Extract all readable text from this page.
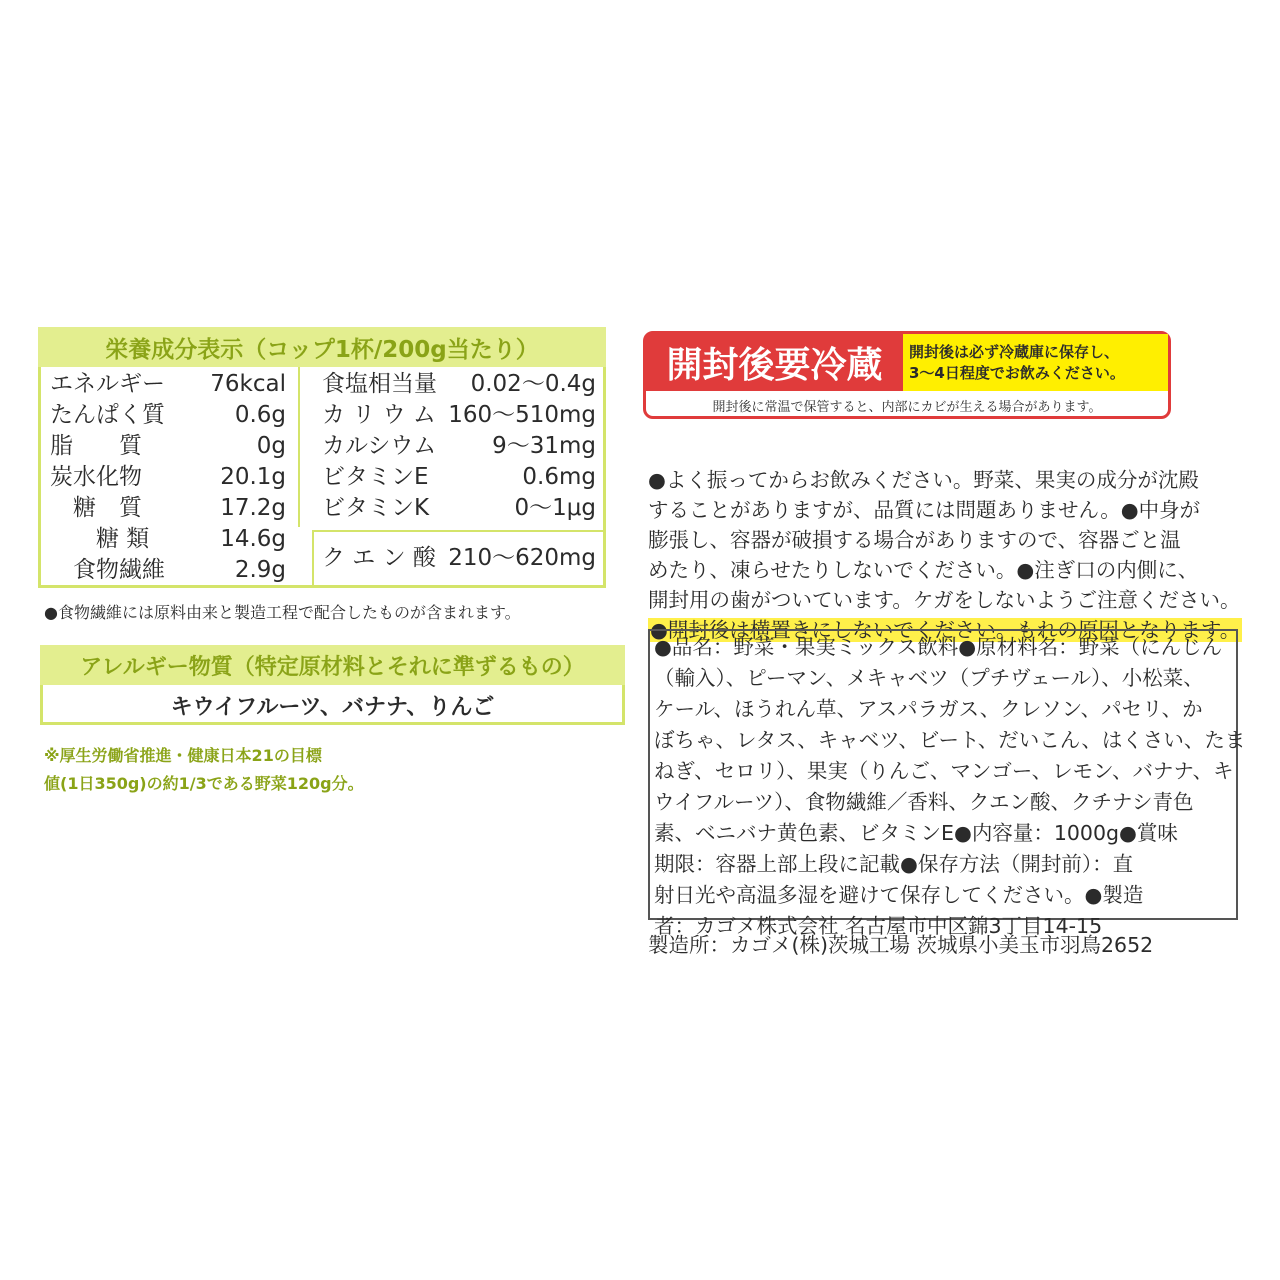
栄養成分表示（コップ1杯/200g当たり）
エネルギー 76kcal
たんぱく質	0.6g
脂　　質	0g
炭水化物	20.1g
　糖　質	17.2g
　　糖 類	14.6g
　食物繊維	2.9g
食塩相当量 0.02～0.4g
カ リ ウ ム 160～510mg
カルシウム 9～31mg
ビタミンE	0.6mg
ビタミンK	0～1μg
ク エ ン 酸 210～620mg
●食物繊維には原料由来と製造工程で配合したものが含まれます。
アレルギー物質（特定原材料とそれに準ずるもの）
キウイフルーツ、バナナ、りんご
※厚生労働省推進・健康日本21の目標
値(1日350g)の約1/3である野菜120g分。
開封後要冷蔵	開封後は必ず冷蔵庫に保存し、
3～4日程度でお飲みください。
開封後に常温で保管すると、内部にカビが生える場合があります。
●よく振ってからお飲みください。野菜、果実の成分が沈殿
することがありますが、品質には問題ありません。●中身が
膨張し、容器が破損する場合がありますので、容器ごと温
めたり、凍らせたりしないでください。●注ぎ口の内側に、
開封用の歯がついています。ケガをしないようご注意ください。
●開封後は横置きにしないでください。もれの原因となります。
●品名：野菜・果実ミックス飲料●原材料名：野菜（にんじん
（輸入）、ピーマン、メキャベツ（プチヴェール）、小松菜、
ケール、ほうれん草、アスパラガス、クレソン、パセリ、か
ぼちゃ、レタス、キャベツ、ビート、だいこん、はくさい、たま
ねぎ、セロリ）、果実（りんご、マンゴー、レモン、バナナ、キ
ウイフルーツ）、食物繊維／香料、クエン酸、クチナシ青色
素、ベニバナ黄色素、ビタミンE●内容量：1000g●賞味
期限：容器上部上段に記載●保存方法（開封前）：直
射日光や高温多湿を避けて保存してください。●製造
者：カゴメ株式会社 名古屋市中区錦3丁目14-15
製造所：カゴメ(株)茨城工場 茨城県小美玉市羽鳥2652
